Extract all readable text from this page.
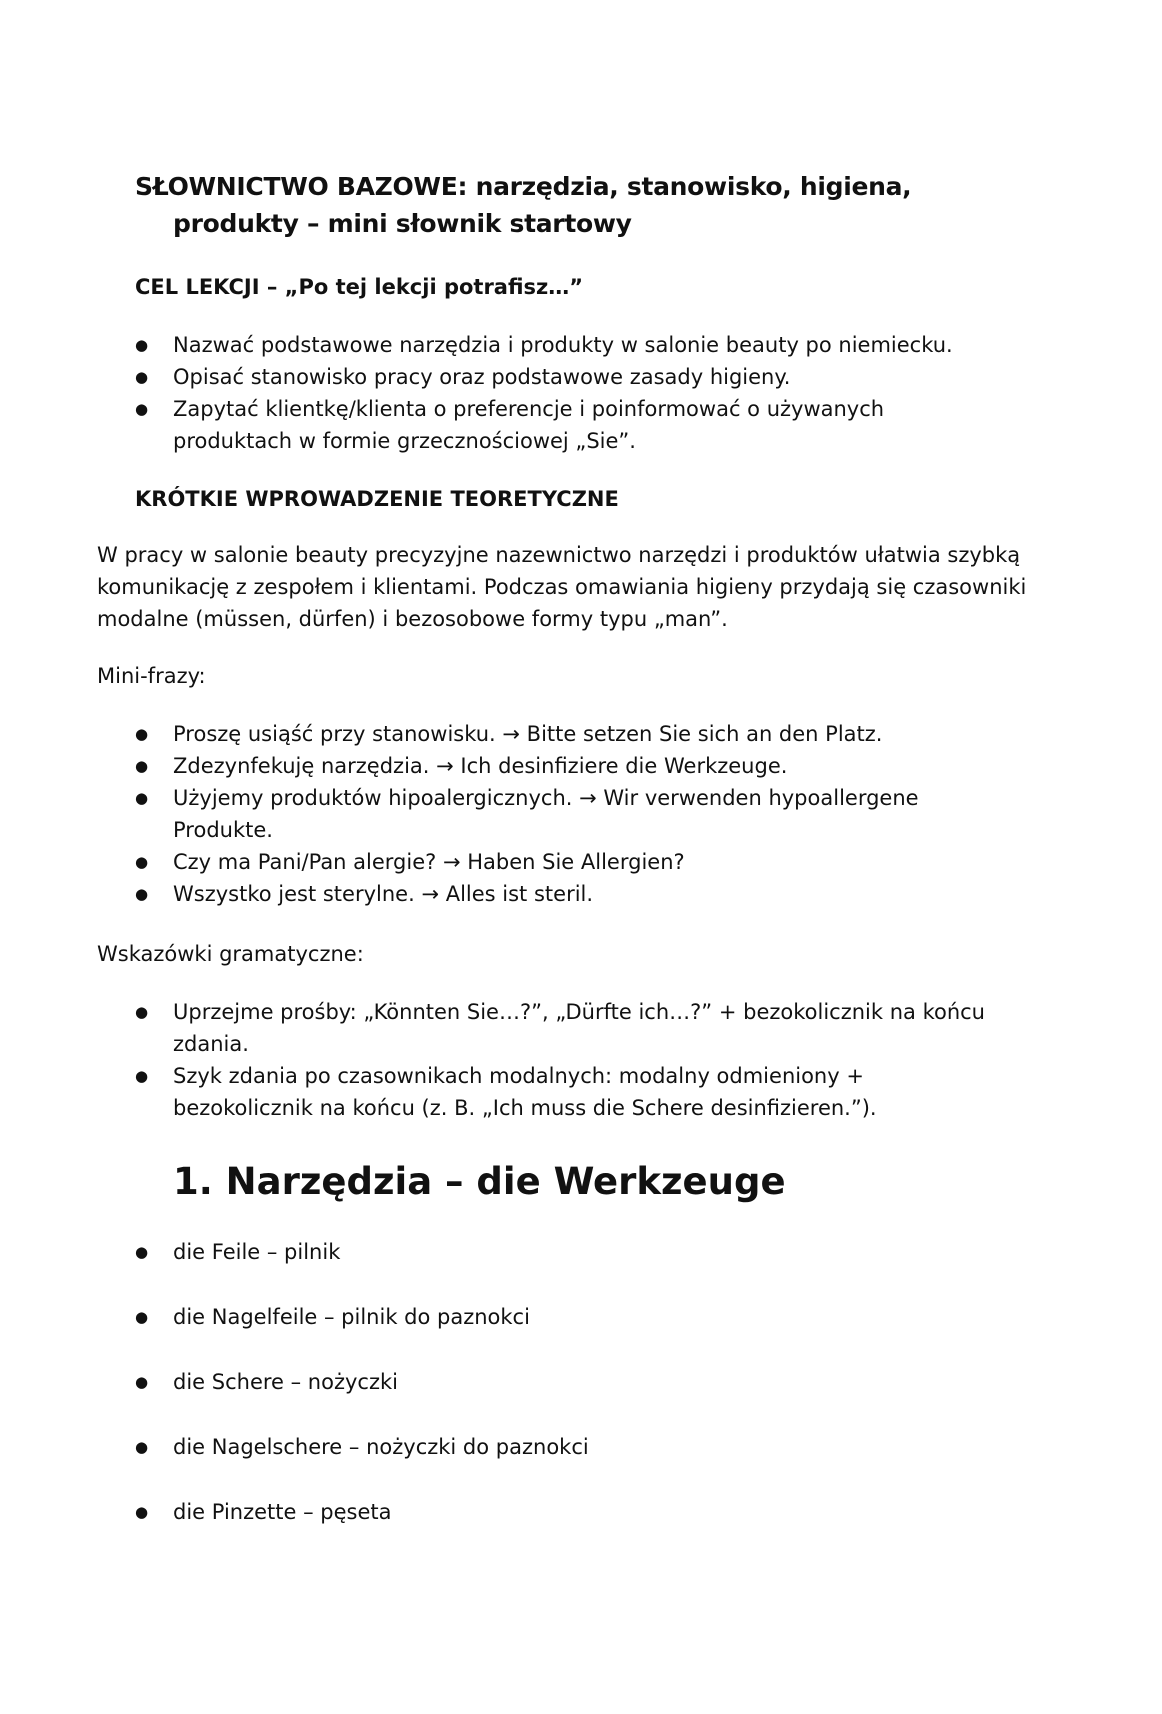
SŁOWNICTWO BAZOWE: narzędzia, stanowisko, higiena,
produkty – mini słownik startowy
CEL LEKCJI – „Po tej lekcji potrafisz…”
● Nazwać podstawowe narzędzia i produkty w salonie beauty po niemiecku.
● Opisać stanowisko pracy oraz podstawowe zasady higieny.
● Zapytać klientkę/klienta o preferencje i poinformować o używanych produktach w formie grzecznościowej „Sie”.
KRÓTKIE WPROWADZENIE TEORETYCZNE

W pracy w salonie beauty precyzyjne nazewnictwo narzędzi i produktów ułatwia szybką komunikację z zespołem i klientami. Podczas omawiania higieny przydają się czasowniki modalne (müssen, dürfen) i bezosobowe formy typu „man”.

Mini-frazy:

● Proszę usiąść przy stanowisku. → Bitte setzen Sie sich an den Platz.
● Zdezynfekuję narzędzia. → Ich desinfiziere die Werkzeuge.
● Użyjemy produktów hipoalergicznych. → Wir verwenden hypoallergene Produkte.
● Czy ma Pani/Pan alergie? → Haben Sie Allergien?
● Wszystko jest sterylne. → Alles ist steril.

Wskazówki gramatyczne:

● Uprzejme prośby: „Könnten Sie…?”, „Dürfte ich…?” + bezokolicznik na końcu zdania.
● Szyk zdania po czasownikach modalnych: modalny odmieniony + bezokolicznik na końcu (z. B. „Ich muss die Schere desinfizieren.”).
1. Narzędzia – die Werkzeuge
● die Feile – pilnik
● die Nagelfeile – pilnik do paznokci
● die Schere – nożyczki
● die Nagelschere – nożyczki do paznokci
● die Pinzette – pęseta
